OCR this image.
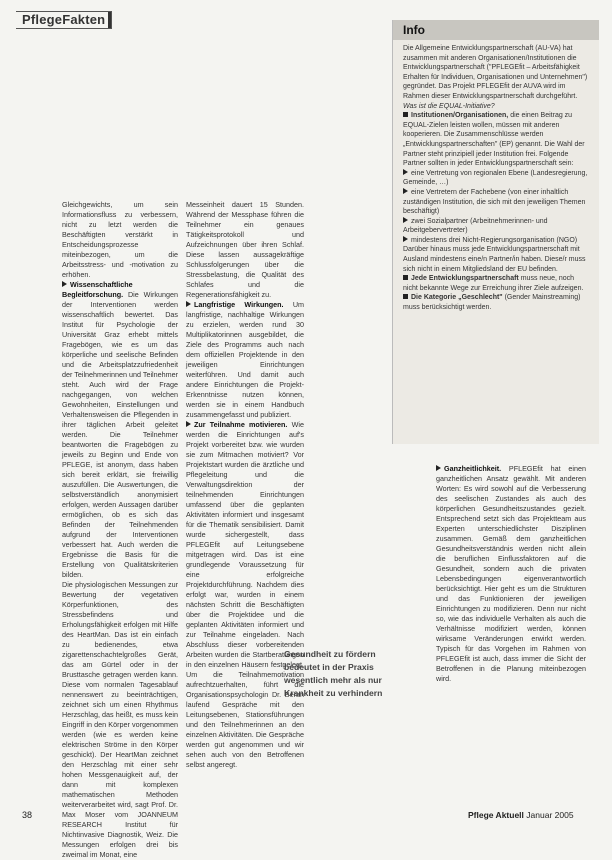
PflegeFakten
Info

Die Allgemeine Entwicklungspartnerschaft (AU-VA) hat zusammen mit anderen Organisationen/Institutionen die Entwicklungspartnerschaft ("PFLEGEfit – Arbeitsfähigkeit Erhalten für Individuen, Organisationen und Unternehmen") gegründet. Das Projekt PFLEGEfit der AUVA wird im Rahmen dieser Entwicklungspartnerschaft durchgeführt.

Was ist die EQUAL-Initiative?

Institutionen/Organisationen, die einen Beitrag zu EQUAL-Zielen leisten wollen, müssen mit anderen kooperieren. Die Zusammenschlüsse werden „Entwicklungspartnerschaften" (EP) genannt. Die Wahl der Partner steht prinzipiell jeder Institution frei. Folgende Partner sollten in jeder Entwicklungspartnerschaft sein:

eine Vertretung von regionalen Ebene (Landesregierung, Gemeinde, …)

eine Vertretern der Fachebene (von einer inhaltlich zuständigen Institution, die sich mit den jeweiligen Themen beschäftigt)

zwei Sozialpartner (Arbeitnehmerinnen- und Arbeitgebervertreter)

mindestens drei Nicht-Regierungsorganisation (NGO)

Darüber hinaus muss jede Entwicklungspartnerschaft mit Ausland mindestens eine/n Partner/in haben. Diese/r muss sich nicht in einem Mitgliedsland der EU befinden.

Jede Entwicklungspartnerschaft muss neue, noch nicht bekannte Wege zur Erreichung ihrer Ziele aufzeigen.

Die Kategorie „Geschlecht" (Gender Mainstreaming) muss berücksichtigt werden.

Gleichgewichts, um sein Informationsfluss zu verbessern, nicht zu letzt werden die Beschäftigten verstärkt in Entscheidungsprozesse miteinbezogen, um die Arbeitsstress- und -motivation zu erhöhen.

Wissenschaftliche Begleitforschung. Die Wirkungen der Interventionen werden wissenschaftlich bewertet. Das Institut für Psychologie der Universität Graz erhebt mittels Fragebögen, wie es um das körperliche und seelische Befinden und die Arbeitsplatzzufriedenheit der Teilnehmerinnen und Teilnehmer steht. Auch wird der Frage nachgegangen, von welchen Gewohnheiten, Einstellungen und Verhaltensweisen die Pflegenden in ihrer täglichen Arbeit geleitet werden. Die Teilnehmer beantworten die Fragebögen zu jeweils zu Beginn und Ende von PFLEGE, ist anonym, dass haben sich bereit erklärt, sie freiwillig auszufüllen. Die Auswertungen, die selbstverständlich anonymisiert erfolgen, werden Aussagen darüber ermöglichen, ob es sich das Befinden der Teilnehmenden aufgrund der Interventionen verbessert hat. Auch werden die Ergebnisse die Basis für die Erstellung von Qualitätskriterien bilden.

Die physiologischen Messungen zur Bewertung der vegetativen Körperfunktionen, des Stressbefindens und Erholungsfähigkeit erfolgen mit Hilfe des HeartMan. Das ist ein einfach zu bedienendes, etwa zigarettenschachtelgroßes Gerät, das am Gürtel oder in der Brusttasche getragen werden kann. Diese vom normalen Tagesablauf nennenswert zu beeinträchtigen, zeichnet sich um einen Rhythmus Herzschlag, das heißt, es muss kein Eingriff in den Körper vorgenommen werden (wie es werden keine elektrischen Ströme in den Körper geschickt). Der HeartMan zeichnet den Herzschlag mit einer sehr hohen Messgenauigkeit auf, der dann mit komplexen mathematischen Methoden weiterverarbeitet wird, sagt Prof. Dr. Max Moser vom JOANNEUM RESEARCH Institut für Nichtinvasive Diagnostik, Weiz. Die Messungen erfolgen drei bis zweimal im Monat, eine

Messeinheit dauert 15 Stunden. Während der Messphase führen die Teilnehmer ein genaues Tätigkeitsprotokoll und Aufzeichnungen über ihren Schlaf. Diese lassen aussagekräftige Schlussfolgerungen über die Stressbelastung, die Qualität des Schlafes und die Regenerationsfähigkeit zu.

Langfristige Wirkungen. Um langfristige, nachhaltige Wirkungen zu erzielen, werden rund 30 Multiplikatorinnen ausgebildet, die Ziele des Programms auch nach dem offiziellen Projektende in den jeweiligen Einrichtungen weiterführen. Und damit auch andere Einrichtungen die Projekt-Erkenntnisse nutzen können, werden sie in einem Handbuch zusammengefasst und publiziert.

Zur Teilnahme motivieren. Wie werden die Einrichtungen auf's Projekt vorbereitet bzw. wie wurden sie zum Mitmachen motiviert? Vor Projektstart wurden die ärztliche und Pflegeleitung und die Verwaltungsdirektion der teilnehmenden Einrichtungen umfassend über die geplanten Aktivitäten informiert und insgesamt für die Thematik sensibilisiert. Damit wurde sichergestellt, dass PFLEGEfit auf Leitungsebene mitgetragen wird. Das ist eine grundlegende Voraussetzung für eine erfolgreiche Projektdurchführung. Nachdem dies erfolgt war, wurden in einem nächsten Schritt die Beschäftigten über die Projektidee und die geplanten Aktivitäten informiert und zur Teilnahme eingeladen. Nach Abschluss dieser vorbereitenden Arbeiten wurden die Startberatungen in den einzelnen Häusern festgelegt. Um die Teilnahmemotivation aufrechtzuerhalten, führt die Organisationspsychologin Dr. Beran laufend Gespräche mit den Leitungsebenen, Stationsführungen und den Teilnehmerinnen an den einzelnen Aktivitäten. Die Gespräche werden gut angenommen und wir sehen auch von den Betroffenen selbst angeregt.

Gesundheit zu fördern

bedeutet in der Praxis

wesentlich mehr als nur

Krankheit zu verhindern

Ganzheitlichkeit. PFLEGEfit hat einen ganzheitlichen Ansatz gewählt. Mit anderen Worten: Es wird sowohl auf die Verbesserung des seelischen Zustandes als auch des körperlichen Gesundheitszustandes gezielt. Entsprechend setzt sich das Projektteam aus Experten unterschiedlichster Disziplinen zusammen. Gemäß dem ganzheitlichen Gesundheitsverständnis werden nicht allein die beruflichen Einflussfaktoren auf die Gesundheit, sondern auch die privaten Lebensbedingungen eigenverantwortlich berücksichtigt. Hier geht es um die Strukturen und das Funktionieren der jeweiligen Einrichtungen zu modifizieren. Denn nur nicht so, wie das individuelle Verhalten als auch die Verhältnisse modifiziert werden, können wirksame Veränderungen erwirkt werden. Typisch für das Vorgehen im Rahmen von PFLEGEfit ist auch, dass immer die Sicht der Betroffenen in die Planung miteinbezogen wird.

38	Pflege Aktuell Januar 2005
